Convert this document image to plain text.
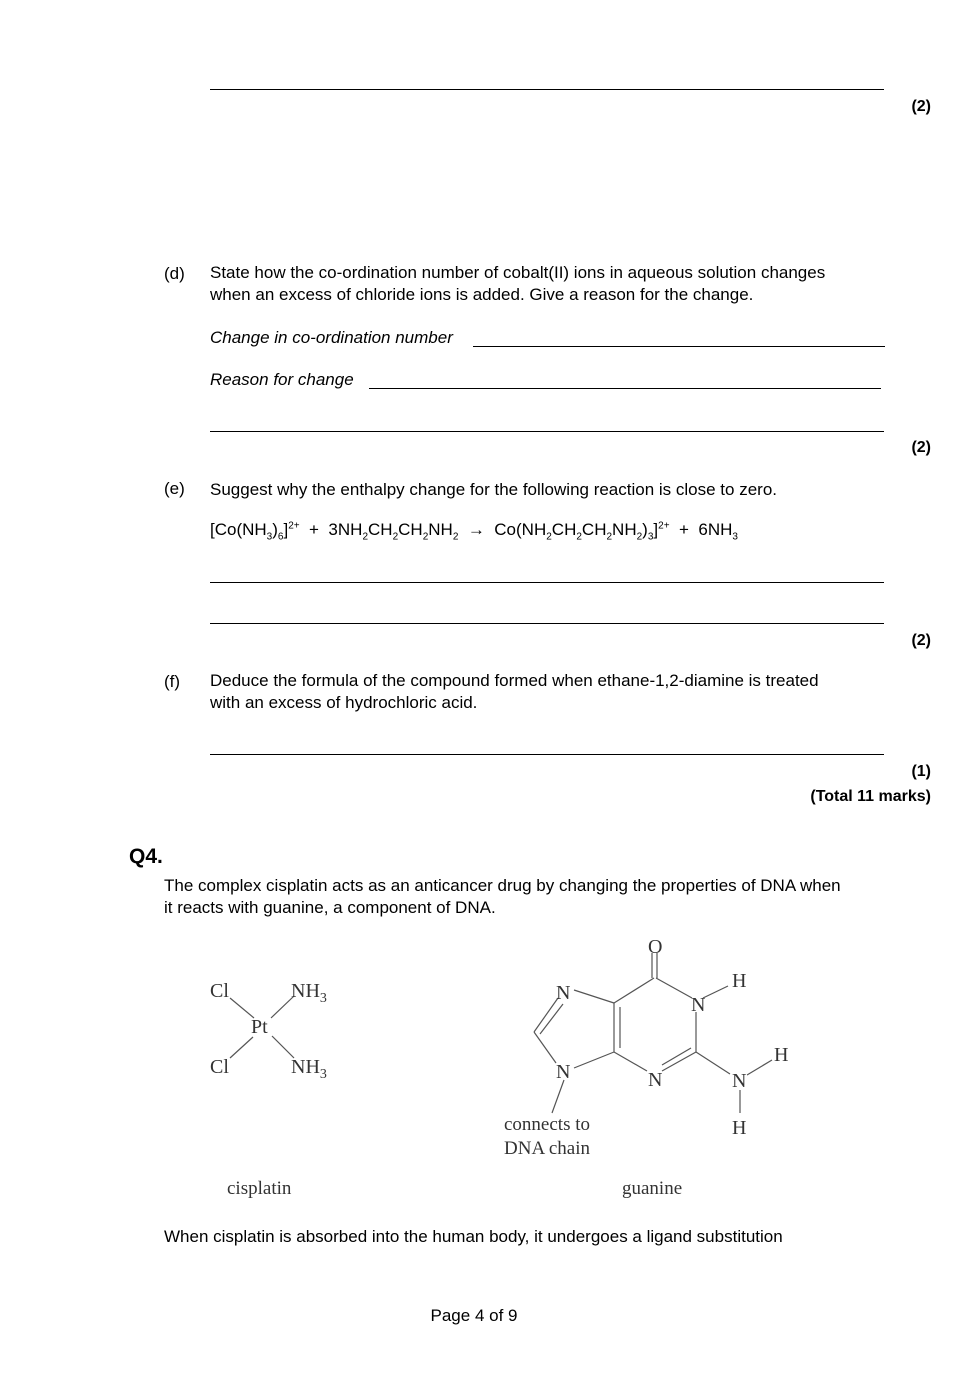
(2)
(d) State how the co-ordination number of cobalt(II) ions in aqueous solution changes
when an excess of chloride ions is added. Give a reason for the change.
Change in co-ordination number
Reason for change
(2)
(e) Suggest why the enthalpy change for the following reaction is close to zero.
$[Co(NH_3)_6]^{2+} + 3NH_2CH_2CH_2NH_2 \to Co(NH_2CH_2CH_2NH_2)_3]^{2+} + 6NH_3$
(2)
(f) Deduce the formula of the compound formed when ethane-1,2-diamine is treated
with an excess of hydrochloric acid.
(1)
(Total 11 marks)
Q4.
The complex cisplatin acts as an anticancer drug by changing the properties of DNA when
it reacts with guanine, a component of DNA.
Cl
Cl
Pt
$NH_3$
$NH_3$
cisplatin
O
N
H
N
N	N	N
H
H
connects to
DNA chain
guanine
When cisplatin is absorbed into the human body, it undergoes a ligand substitution
Page 4 of 9
